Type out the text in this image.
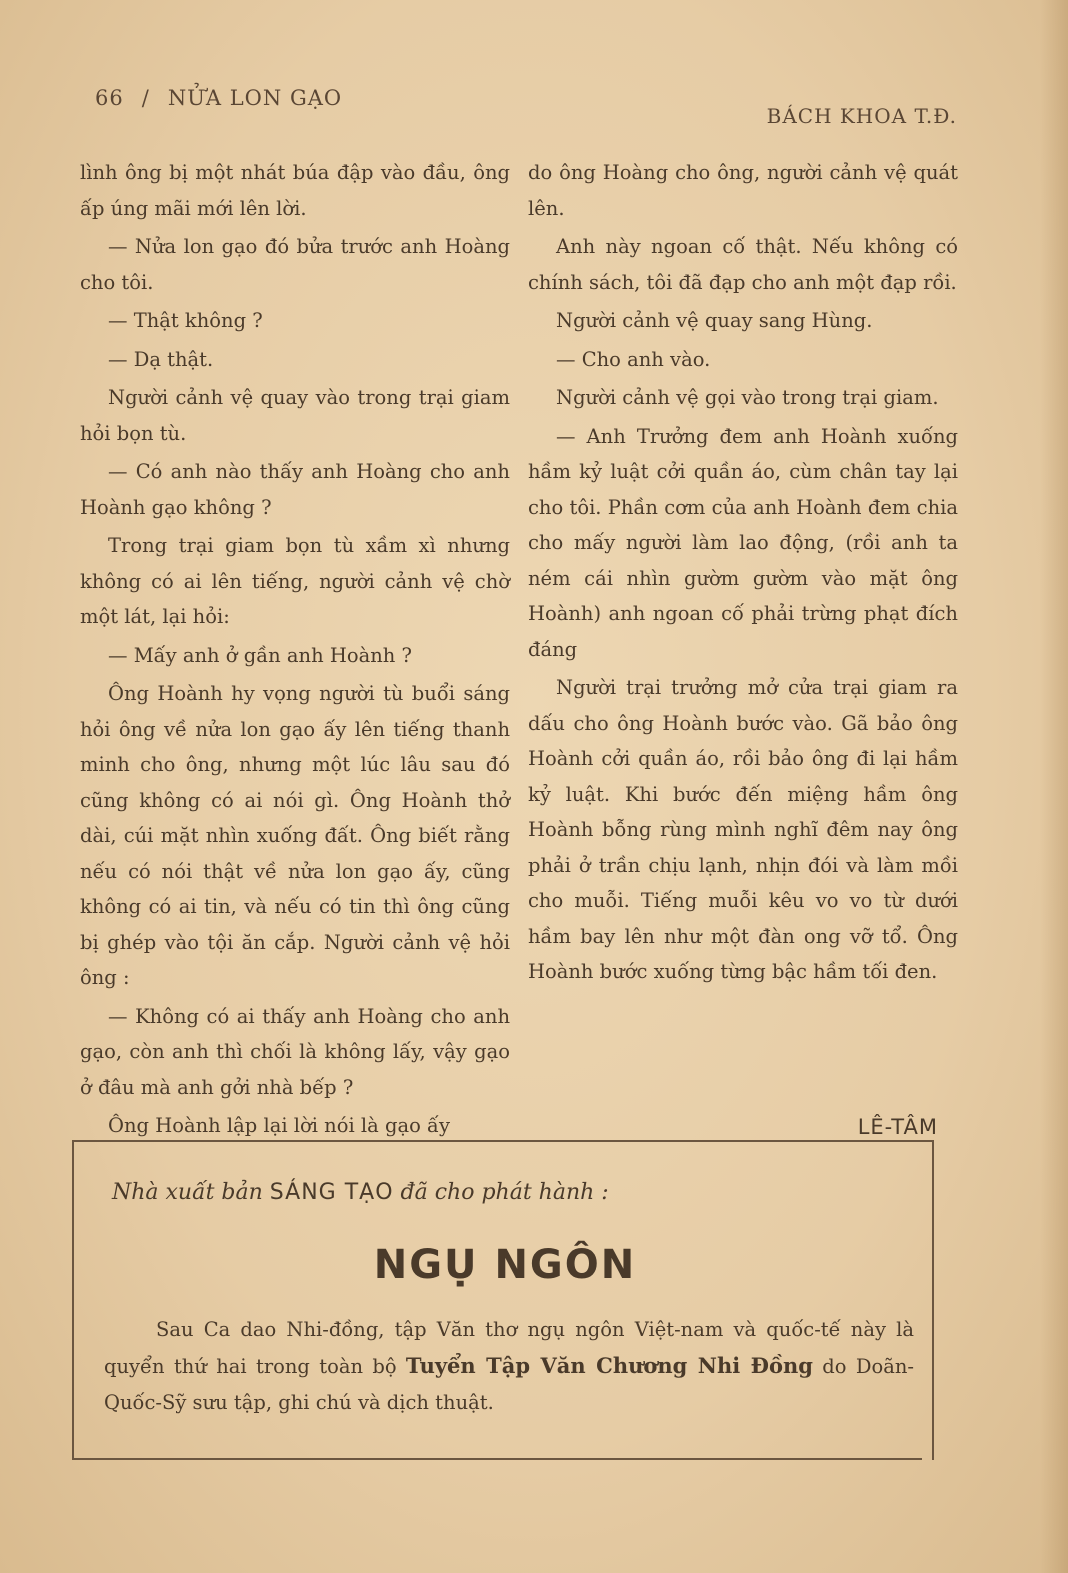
66 / NỬA LON GẠO
BÁCH KHOA T.Đ.

lình ông bị một nhát búa đập vào đầu, ông ấp úng mãi mới lên lời.

— Nửa lon gạo đó bửa trước anh Hoàng cho tôi.

— Thật không ?

— Dạ thật.

Người cảnh vệ quay vào trong trại giam hỏi bọn tù.

— Có anh nào thấy anh Hoàng cho anh Hoành gạo không ?

Trong trại giam bọn tù xầm xì nhưng không có ai lên tiếng, người cảnh vệ chờ một lát, lại hỏi:

— Mấy anh ở gần anh Hoành ?

Ông Hoành hy vọng người tù buổi sáng hỏi ông về nửa lon gạo ấy lên tiếng thanh minh cho ông, nhưng một lúc lâu sau đó cũng không có ai nói gì. Ông Hoành thở dài, cúi mặt nhìn xuống đất. Ông biết rằng nếu có nói thật về nửa lon gạo ấy, cũng không có ai tin, và nếu có tin thì ông cũng bị ghép vào tội ăn cắp. Người cảnh vệ hỏi ông :

— Không có ai thấy anh Hoàng cho anh gạo, còn anh thì chối là không lấy, vậy gạo ở đâu mà anh gởi nhà bếp ?

Ông Hoành lập lại lời nói là gạo ấy

do ông Hoàng cho ông, người cảnh vệ quát lên.

Anh này ngoan cố thật. Nếu không có chính sách, tôi đã đạp cho anh một đạp rồi.

Người cảnh vệ quay sang Hùng.

— Cho anh vào.

Người cảnh vệ gọi vào trong trại giam.

— Anh Trưởng đem anh Hoành xuống hầm kỷ luật cởi quần áo, cùm chân tay lại cho tôi. Phần cơm của anh Hoành đem chia cho mấy người làm lao động, (rồi anh ta ném cái nhìn gườm gườm vào mặt ông Hoành) anh ngoan cố phải trừng phạt đích đáng

Người trại trưởng mở cửa trại giam ra dấu cho ông Hoành bước vào. Gã bảo ông Hoành cởi quần áo, rồi bảo ông đi lại hầm kỷ luật. Khi bước đến miệng hầm ông Hoành bỗng rùng mình nghĩ đêm nay ông phải ở trần chịu lạnh, nhịn đói và làm mồi cho muỗi. Tiếng muỗi kêu vo vo từ dưới hầm bay lên như một đàn ong vỡ tổ. Ông Hoành bước xuống từng bậc hầm tối đen.

LÊ-TÂM
Nhà xuất bản SÁNG TẠO đã cho phát hành :
NGỤ NGÔN
Sau Ca dao Nhi-đồng, tập Văn thơ ngụ ngôn Việt-nam và quốc-tế này là quyển thứ hai trong toàn bộ Tuyển Tập Văn Chương Nhi Đồng do Doãn-Quốc-Sỹ sưu tập, ghi chú và dịch thuật.
